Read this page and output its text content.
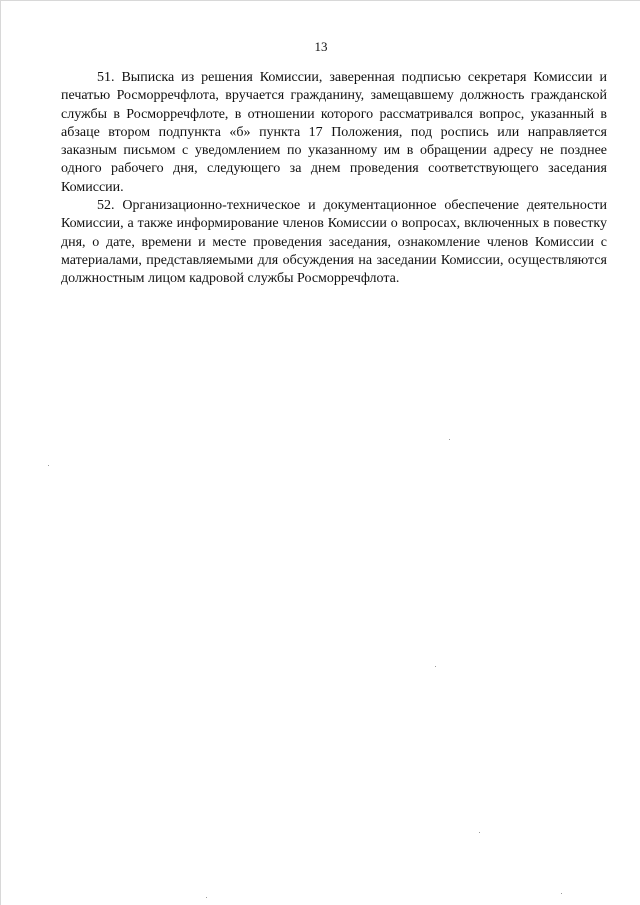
13

51. Выписка из решения Комиссии, заверенная подписью секретаря Комиссии и печатью Росморречфлота, вручается гражданину, замещавшему должность гражданской службы в Росморречфлоте, в отношении которого рассматривался вопрос, указанный в абзаце втором подпункта «б» пункта 17 Положения, под роспись или направляется заказным письмом с уведомлением по указанному им в обращении адресу не позднее одного рабочего дня, следующего за днем проведения соответствующего заседания Комиссии.

52. Организационно-техническое и документационное обеспечение деятельности Комиссии, а также информирование членов Комиссии о вопросах, включенных в повестку дня, о дате, времени и месте проведения заседания, ознакомление членов Комиссии с материалами, представляемыми для обсуждения на заседании Комиссии, осуществляются должностным лицом кадровой службы Росморречфлота.
